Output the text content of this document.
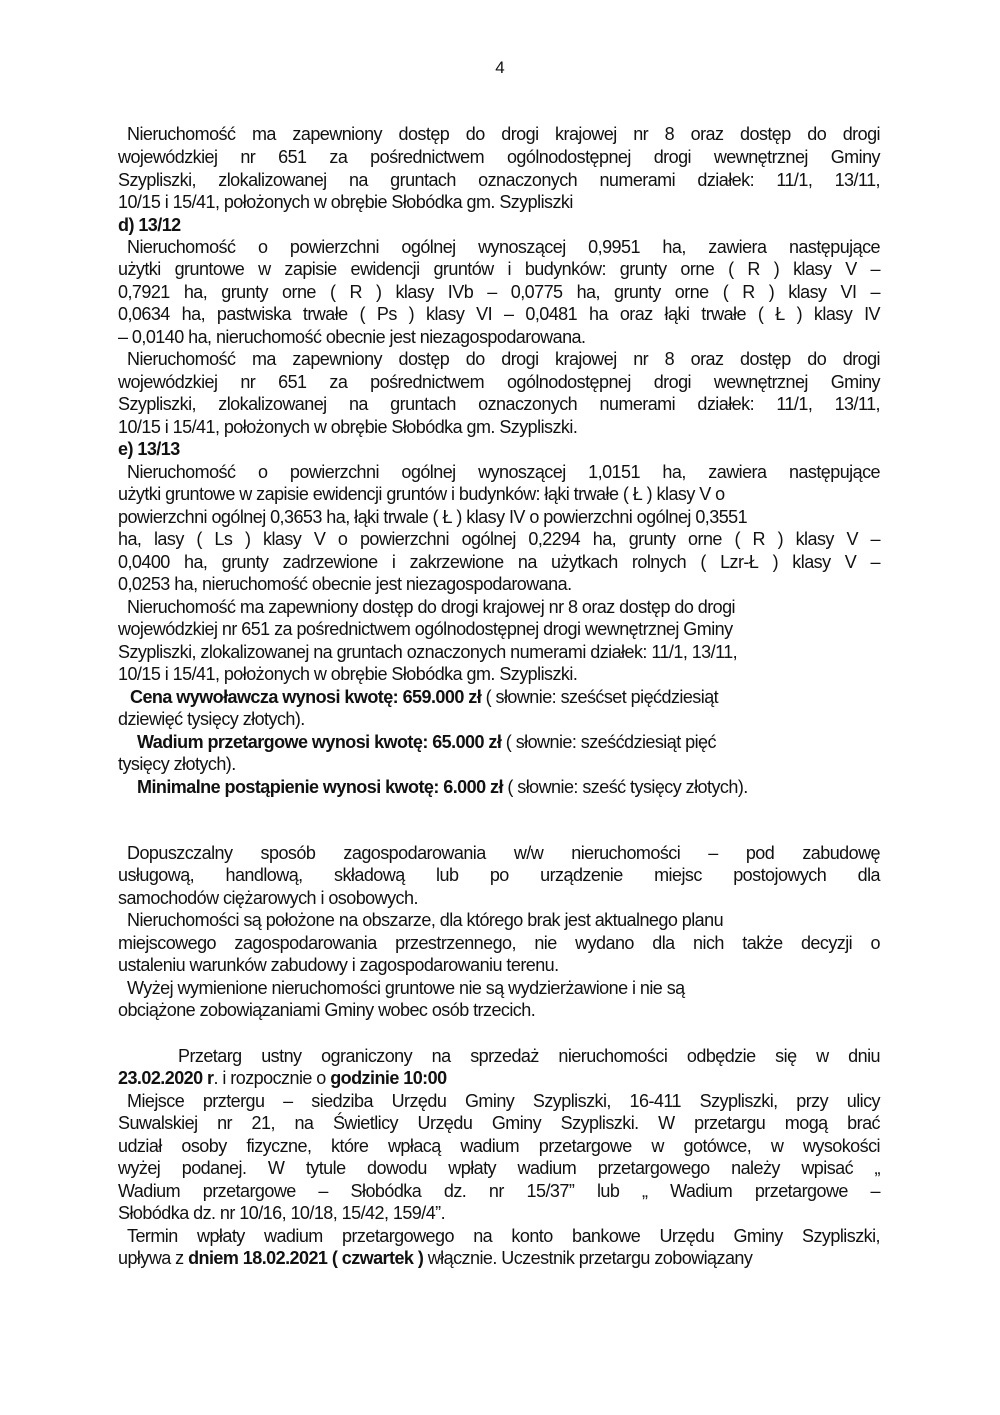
4
Nieruchomość ma zapewniony dostęp do drogi krajowej nr 8 oraz dostęp do drogi
wojewódzkiej nr 651 za pośrednictwem ogólnodostępnej drogi wewnętrznej Gminy
Szypliszki, zlokalizowanej na gruntach oznaczonych numerami działek: 11/1, 13/11,
10/15 i 15/41, położonych w obrębie Słobódka gm. Szypliszki
d) 13/12
Nieruchomość o powierzchni ogólnej wynoszącej 0,9951 ha, zawiera następujące
użytki gruntowe w zapisie ewidencji gruntów i budynków: grunty orne ( R ) klasy V –
0,7921 ha, grunty orne ( R ) klasy IVb – 0,0775 ha, grunty orne ( R ) klasy VI –
0,0634 ha, pastwiska trwałe ( Ps ) klasy VI – 0,0481 ha oraz łąki trwałe ( Ł ) klasy IV
– 0,0140 ha, nieruchomość obecnie jest niezagospodarowana.
Nieruchomość ma zapewniony dostęp do drogi krajowej nr 8 oraz dostęp do drogi
wojewódzkiej nr 651 za pośrednictwem ogólnodostępnej drogi wewnętrznej Gminy
Szypliszki, zlokalizowanej na gruntach oznaczonych numerami działek: 11/1, 13/11,
10/15 i 15/41, położonych w obrębie Słobódka gm. Szypliszki.
e) 13/13
Nieruchomość o powierzchni ogólnej wynoszącej 1,0151 ha, zawiera następujące
użytki gruntowe w zapisie ewidencji gruntów i budynków: łąki trwałe ( Ł ) klasy V o
powierzchni ogólnej 0,3653 ha, łąki trwale ( Ł ) klasy IV o powierzchni ogólnej 0,3551
ha, lasy ( Ls ) klasy V o powierzchni ogólnej 0,2294 ha, grunty orne ( R ) klasy V –
0,0400 ha, grunty zadrzewione i zakrzewione na użytkach rolnych ( Lzr-Ł ) klasy V –
0,0253 ha, nieruchomość obecnie jest niezagospodarowana.
Nieruchomość ma zapewniony dostęp do drogi krajowej nr 8 oraz dostęp do drogi
wojewódzkiej nr 651 za pośrednictwem ogólnodostępnej drogi wewnętrznej Gminy
Szypliszki, zlokalizowanej na gruntach oznaczonych numerami działek: 11/1, 13/11,
10/15 i 15/41, położonych w obrębie Słobódka gm. Szypliszki.
Cena wywoławcza wynosi kwotę: 659.000 zł ( słownie: sześćset pięćdziesiąt
dziewięć tysięcy złotych).
Wadium przetargowe wynosi kwotę: 65.000 zł ( słownie: sześćdziesiąt pięć
tysięcy złotych).
Minimalne postąpienie wynosi kwotę: 6.000 zł ( słownie: sześć tysięcy złotych).
Dopuszczalny sposób zagospodarowania w/w nieruchomości – pod zabudowę
usługową, handlową, składową lub po urządzenie miejsc postojowych dla
samochodów ciężarowych i osobowych.
Nieruchomości są położone na obszarze, dla którego brak jest aktualnego planu
miejscowego zagospodarowania przestrzennego, nie wydano dla nich także decyzji o
ustaleniu warunków zabudowy i zagospodarowaniu terenu.
Wyżej wymienione nieruchomości gruntowe nie są wydzierżawione i nie są
obciążone zobowiązaniami Gminy wobec osób trzecich.
Przetarg ustny ograniczony na sprzedaż nieruchomości odbędzie się w dniu
23.02.2020 r. i rozpocznie o godzinie 10:00
Miejsce prztergu – siedziba Urzędu Gminy Szypliszki, 16-411 Szypliszki, przy ulicy
Suwalskiej nr 21, na Świetlicy Urzędu Gminy Szypliszki. W przetargu mogą brać
udział osoby fizyczne, które wpłacą wadium przetargowe w gotówce, w wysokości
wyżej podanej. W tytule dowodu wpłaty wadium przetargowego należy wpisać „
Wadium przetargowe – Słobódka dz. nr 15/37” lub „ Wadium przetargowe –
Słobódka dz. nr 10/16, 10/18, 15/42, 159/4”.
Termin wpłaty wadium przetargowego na konto bankowe Urzędu Gminy Szypliszki,
upływa z dniem 18.02.2021 ( czwartek ) włącznie. Uczestnik przetargu zobowiązany
